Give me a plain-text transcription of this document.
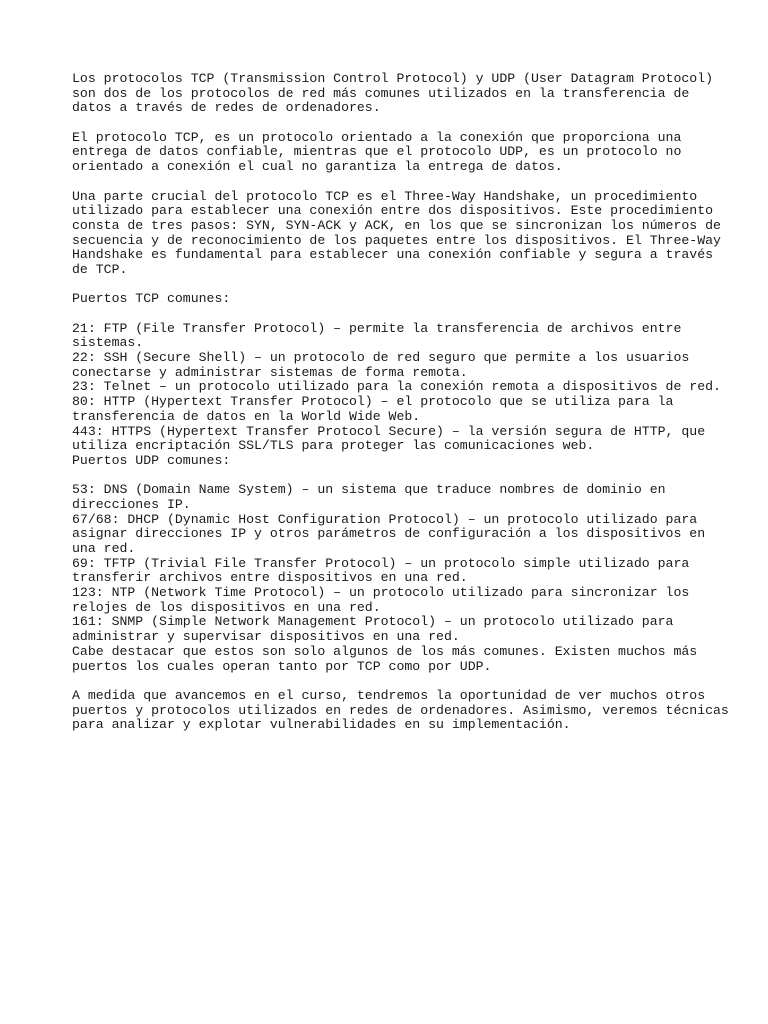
Los protocolos TCP (Transmission Control Protocol) y UDP (User Datagram Protocol)
son dos de los protocolos de red más comunes utilizados en la transferencia de
datos a través de redes de ordenadores.
El protocolo TCP, es un protocolo orientado a la conexión que proporciona una
entrega de datos confiable, mientras que el protocolo UDP, es un protocolo no
orientado a conexión el cual no garantiza la entrega de datos.
Una parte crucial del protocolo TCP es el Three-Way Handshake, un procedimiento
utilizado para establecer una conexión entre dos dispositivos. Este procedimiento
consta de tres pasos: SYN, SYN-ACK y ACK, en los que se sincronizan los números de
secuencia y de reconocimiento de los paquetes entre los dispositivos. El Three-Way
Handshake es fundamental para establecer una conexión confiable y segura a través
de TCP.
Puertos TCP comunes:
21: FTP (File Transfer Protocol) – permite la transferencia de archivos entre
sistemas.
22: SSH (Secure Shell) – un protocolo de red seguro que permite a los usuarios
conectarse y administrar sistemas de forma remota.
23: Telnet – un protocolo utilizado para la conexión remota a dispositivos de red.
80: HTTP (Hypertext Transfer Protocol) – el protocolo que se utiliza para la
transferencia de datos en la World Wide Web.
443: HTTPS (Hypertext Transfer Protocol Secure) – la versión segura de HTTP, que
utiliza encriptación SSL/TLS para proteger las comunicaciones web.
Puertos UDP comunes:
53: DNS (Domain Name System) – un sistema que traduce nombres de dominio en
direcciones IP.
67/68: DHCP (Dynamic Host Configuration Protocol) – un protocolo utilizado para
asignar direcciones IP y otros parámetros de configuración a los dispositivos en
una red.
69: TFTP (Trivial File Transfer Protocol) – un protocolo simple utilizado para
transferir archivos entre dispositivos en una red.
123: NTP (Network Time Protocol) – un protocolo utilizado para sincronizar los
relojes de los dispositivos en una red.
161: SNMP (Simple Network Management Protocol) – un protocolo utilizado para
administrar y supervisar dispositivos en una red.
Cabe destacar que estos son solo algunos de los más comunes. Existen muchos más
puertos los cuales operan tanto por TCP como por UDP.
A medida que avancemos en el curso, tendremos la oportunidad de ver muchos otros
puertos y protocolos utilizados en redes de ordenadores. Asimismo, veremos técnicas
para analizar y explotar vulnerabilidades en su implementación.
